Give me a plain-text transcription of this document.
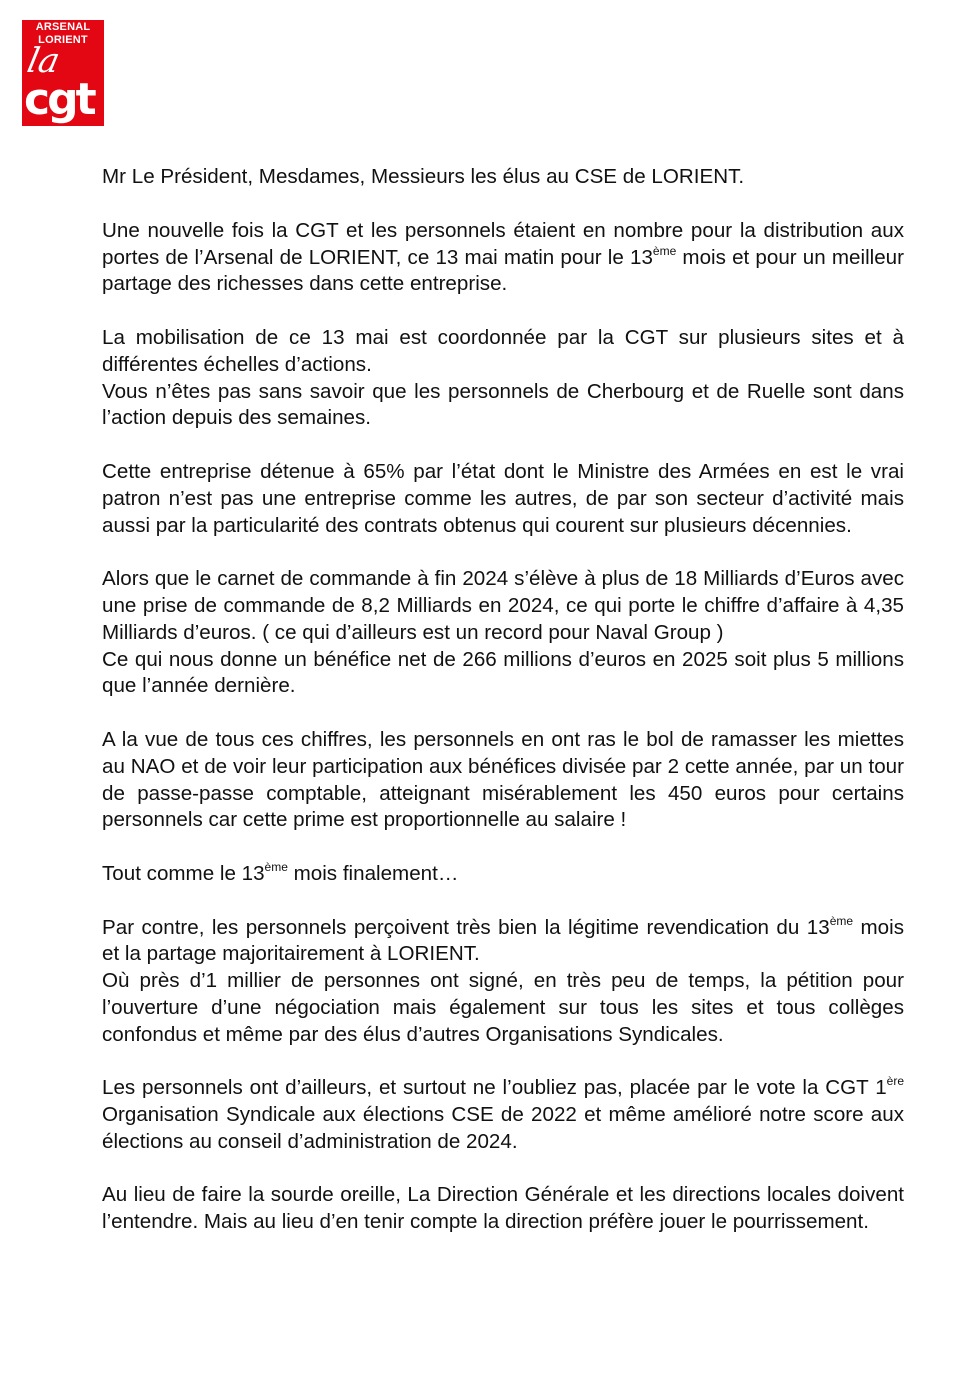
ARSENAL
LORIENT
la
cgt

Mr Le Président, Mesdames, Messieurs les élus au CSE de LORIENT.

Une nouvelle fois la CGT et les personnels étaient en nombre pour la distribution aux portes de l’Arsenal de LORIENT, ce 13 mai matin pour le 13ème mois et pour un meilleur partage des richesses dans cette entreprise.

La mobilisation de ce 13 mai est coordonnée par la CGT sur plusieurs sites et à différentes échelles d’actions.
Vous n’êtes pas sans savoir que les personnels de Cherbourg et de Ruelle sont dans l’action depuis des semaines.

Cette entreprise détenue à 65% par l’état dont le Ministre des Armées en est le vrai patron n’est pas une entreprise comme les autres, de par son secteur d’activité mais aussi par la particularité des contrats obtenus qui courent sur plusieurs décennies.

Alors que le carnet de commande à fin 2024 s’élève à plus de 18 Milliards d’Euros avec une prise de commande de 8,2 Milliards en 2024, ce qui porte le chiffre d’affaire à 4,35 Milliards d’euros. ( ce qui d’ailleurs est un record pour Naval Group )
Ce qui nous donne un bénéfice net de 266 millions d’euros en 2025 soit plus 5 millions que l’année dernière.

A la vue de tous ces chiffres, les personnels en ont ras le bol de ramasser les miettes au NAO et de voir leur participation aux bénéfices divisée par 2 cette année, par un tour de passe-passe comptable, atteignant misérablement les 450 euros pour certains personnels car cette prime est proportionnelle au salaire !

Tout comme le 13ème mois finalement…

Par contre, les personnels perçoivent très bien la légitime revendication du 13ème mois et la partage majoritairement à LORIENT.
Où près d’1 millier de personnes ont signé, en très peu de temps, la pétition pour l’ouverture d’une négociation mais également sur tous les sites et tous collèges confondus et même par des élus d’autres Organisations Syndicales.

Les personnels ont d’ailleurs, et surtout ne l’oubliez pas, placée par le vote la CGT 1ère Organisation Syndicale aux élections CSE de 2022 et même amélioré notre score aux élections au conseil d’administration de 2024.

Au lieu de faire la sourde oreille, La Direction Générale et les directions locales doivent l’entendre. Mais au lieu d’en tenir compte la direction préfère jouer le pourrissement.
